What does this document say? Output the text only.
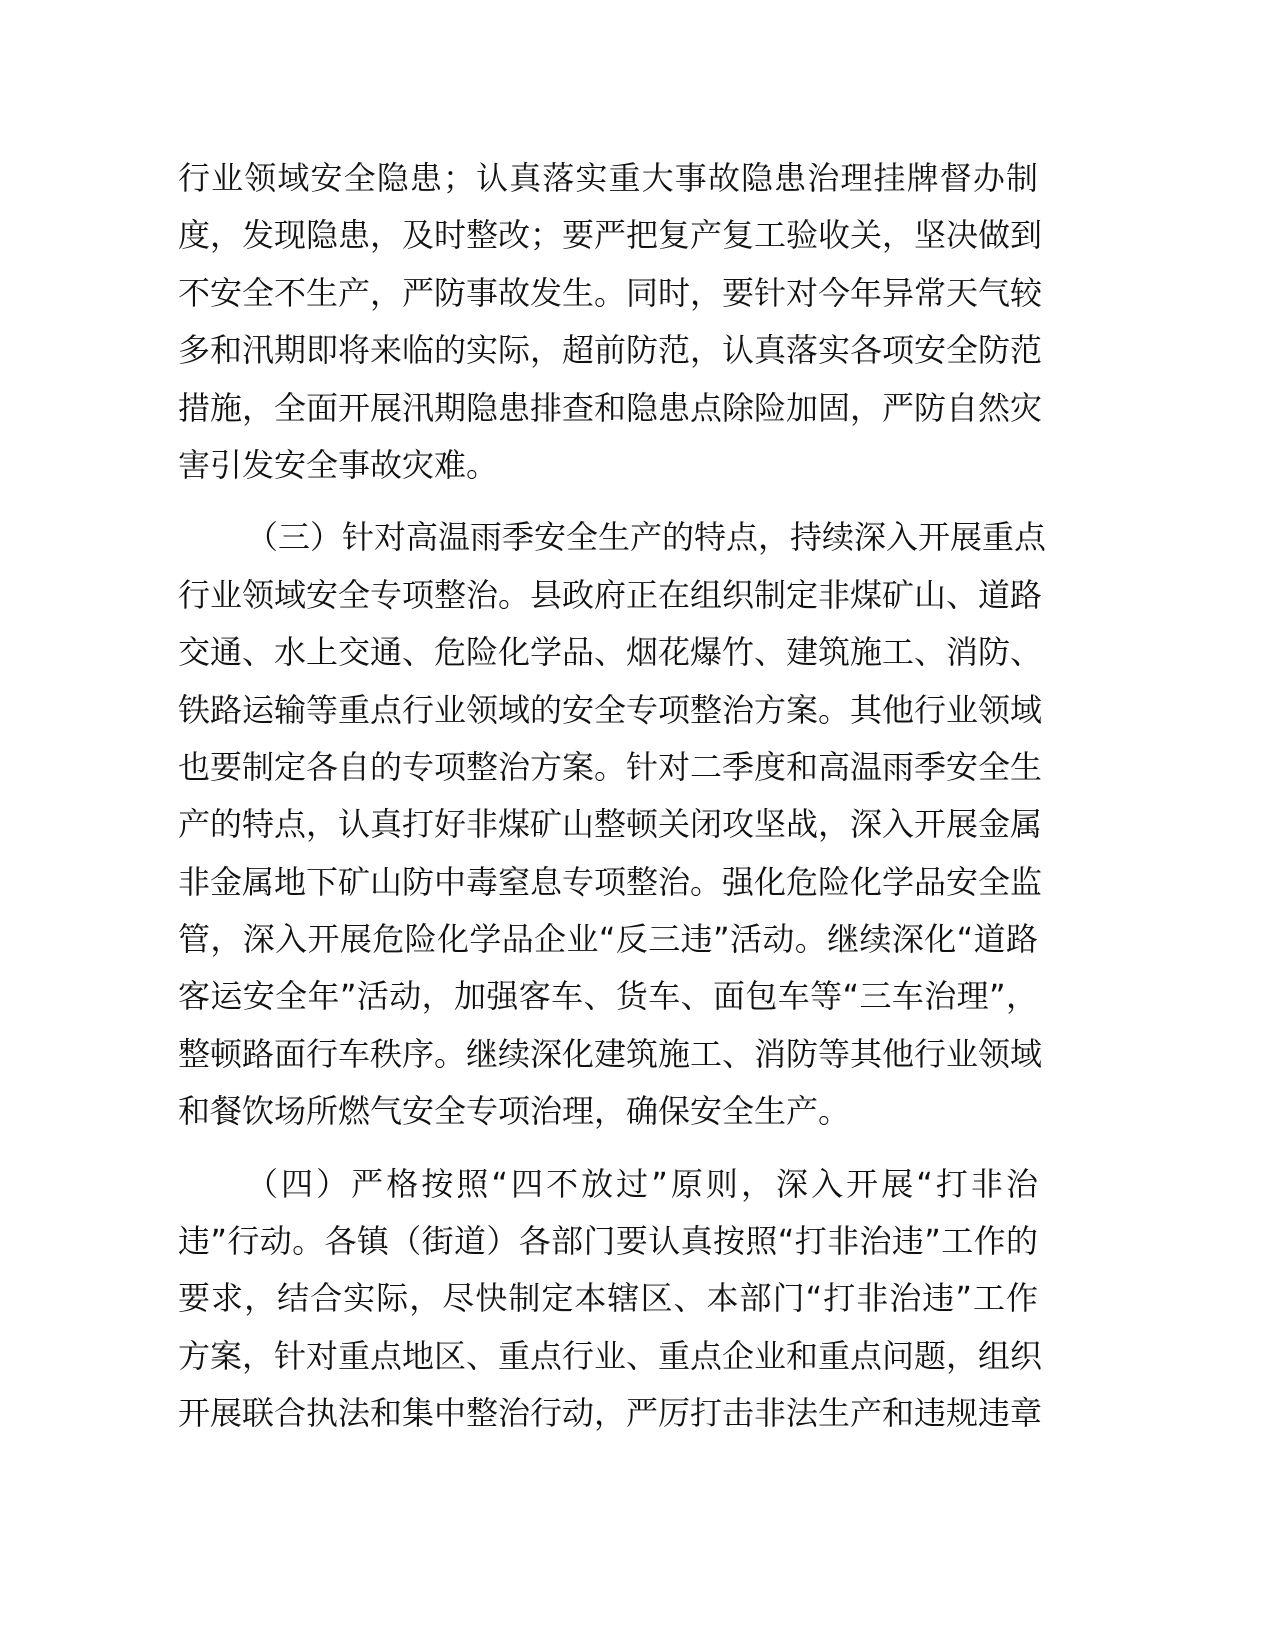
行业领域安全隐患；认真落实重大事故隐患治理挂牌督办制
度，发现隐患，及时整改；要严把复产复工验收关，坚决做到
不安全不生产，严防事故发生。同时，要针对今年异常天气较
多和汛期即将来临的实际，超前防范，认真落实各项安全防范
措施，全面开展汛期隐患排查和隐患点除险加固，严防自然灾
害引发安全事故灾难。
（三）针对高温雨季安全生产的特点，持续深入开展重点
行业领域安全专项整治。县政府正在组织制定非煤矿山、道路
交通、水上交通、危险化学品、烟花爆竹、建筑施工、消防、
铁路运输等重点行业领域的安全专项整治方案。其他行业领域
也要制定各自的专项整治方案。针对二季度和高温雨季安全生
产的特点，认真打好非煤矿山整顿关闭攻坚战，深入开展金属
非金属地下矿山防中毒窒息专项整治。强化危险化学品安全监
管，深入开展危险化学品企业“反三违”活动。继续深化“道路
客运安全年”活动，加强客车、货车、面包车等“三车治理”，
整顿路面行车秩序。继续深化建筑施工、消防等其他行业领域
和餐饮场所燃气安全专项治理，确保安全生产。
（四）严格按照“四不放过”原则，深入开展“打非治
违”行动。各镇（街道）各部门要认真按照“打非治违”工作的
要求，结合实际，尽快制定本辖区、本部门“打非治违”工作
方案，针对重点地区、重点行业、重点企业和重点问题，组织
开展联合执法和集中整治行动，严厉打击非法生产和违规违章
